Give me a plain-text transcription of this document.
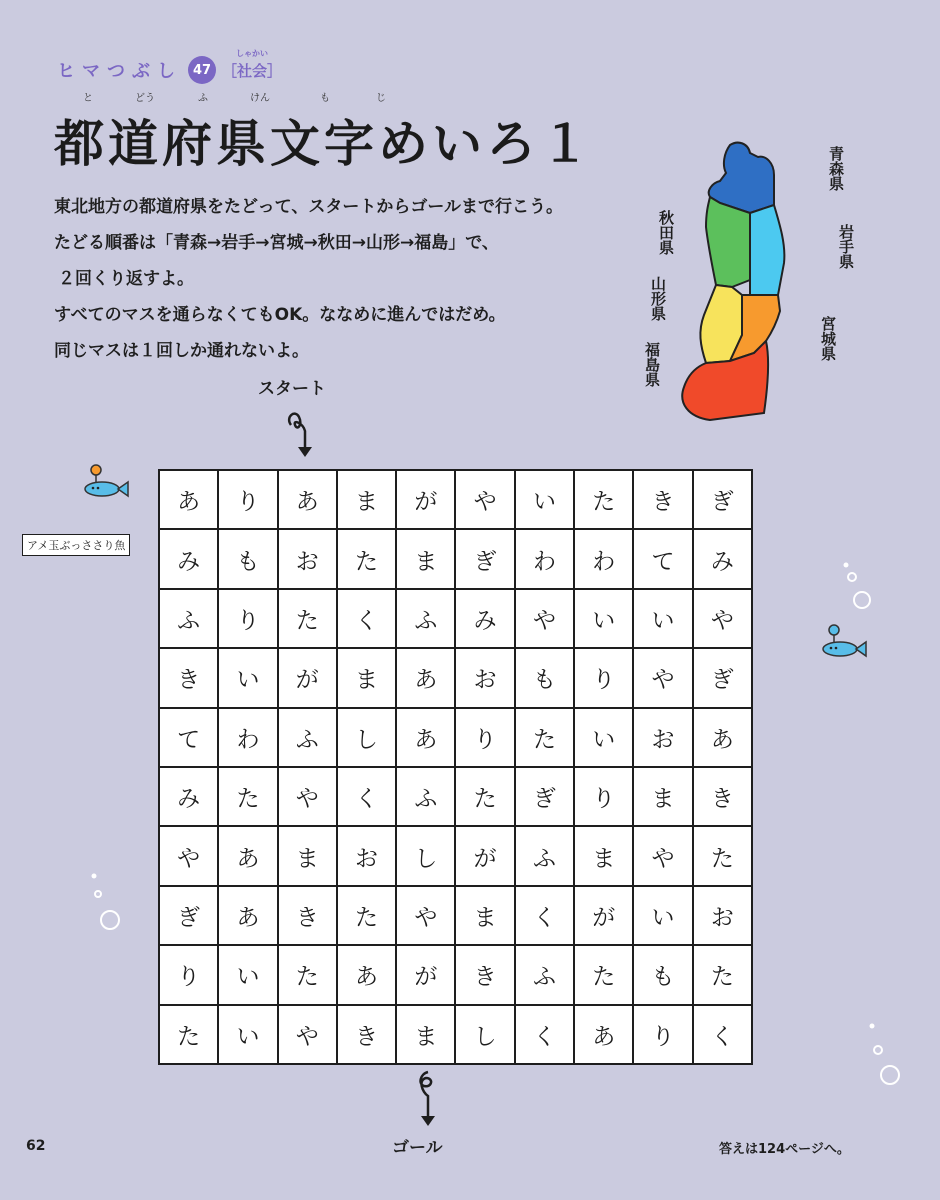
ヒマつぶし 47
しゃかい
［社会］
と	どう	ふ	けん	も	じ
都道府県文字めいろ１

東北地方の都道府県をたどって、スタートからゴールまで行こう。

たどる順番は「青森→岩手→宮城→秋田→山形→福島」で、

２回くり返すよ。

すべてのマスを通らなくてもOK。ななめに進んではだめ。

同じマスは１回しか通れないよ。

青森県
岩手県
宮城県
秋田県
山形県
福島県
スタート
あ	り	あ	ま	が	や	い	た	き	ぎ
み	も	お	た	ま	ぎ	わ	わ	て	み
ふ	り	た	く	ふ	み	や	い	い	や
き	い	が	ま	あ	お	も	り	や	ぎ
て	わ	ふ	し	あ	り	た	い	お	あ
み	た	や	く	ふ	た	ぎ	り	ま	き
や	あ	ま	お	し	が	ふ	ま	や	た
ぎ	あ	き	た	や	ま	く	が	い	お
り	い	た	あ	が	き	ふ	た	も	た
た	い	や	き	ま	し	く	あ	り	く
ゴール
アメ玉ぶっささり魚
62	答えは124ページへ。
